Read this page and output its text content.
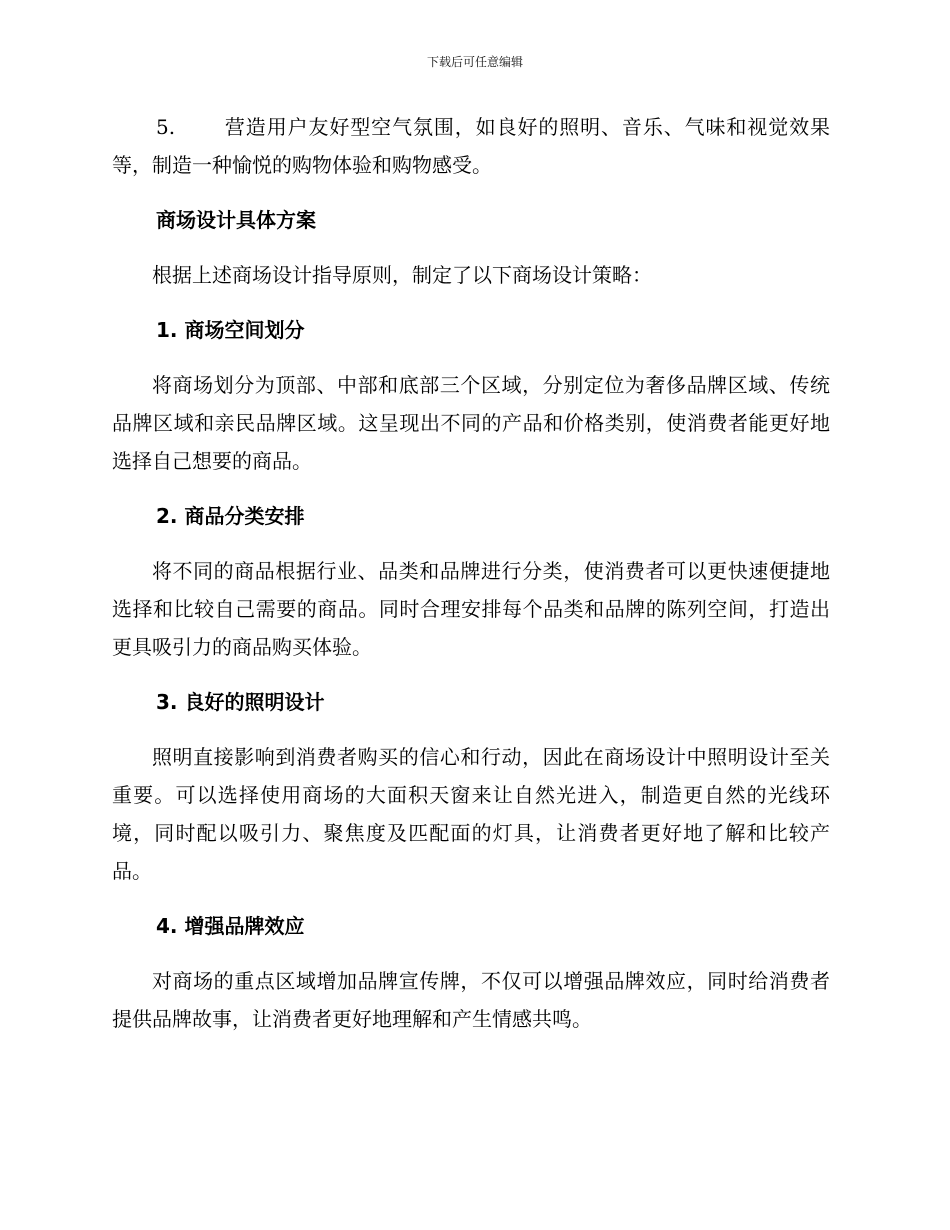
下载后可任意编辑

5. 营造用户友好型空气氛围，如良好的照明、音乐、气味和视觉效果等，制造一种愉悦的购物体验和购物感受。

商场设计具体方案

根据上述商场设计指导原则，制定了以下商场设计策略：

1. 商场空间划分

将商场划分为顶部、中部和底部三个区域，分别定位为奢侈品牌区域、传统品牌区域和亲民品牌区域。这呈现出不同的产品和价格类别，使消费者能更好地选择自己想要的商品。

2. 商品分类安排

将不同的商品根据行业、品类和品牌进行分类，使消费者可以更快速便捷地选择和比较自己需要的商品。同时合理安排每个品类和品牌的陈列空间，打造出更具吸引力的商品购买体验。

3. 良好的照明设计

照明直接影响到消费者购买的信心和行动，因此在商场设计中照明设计至关重要。可以选择使用商场的大面积天窗来让自然光进入，制造更自然的光线环境，同时配以吸引力、聚焦度及匹配面的灯具，让消费者更好地了解和比较产品。

4. 增强品牌效应

对商场的重点区域增加品牌宣传牌，不仅可以增强品牌效应，同时给消费者提供品牌故事，让消费者更好地理解和产生情感共鸣。
